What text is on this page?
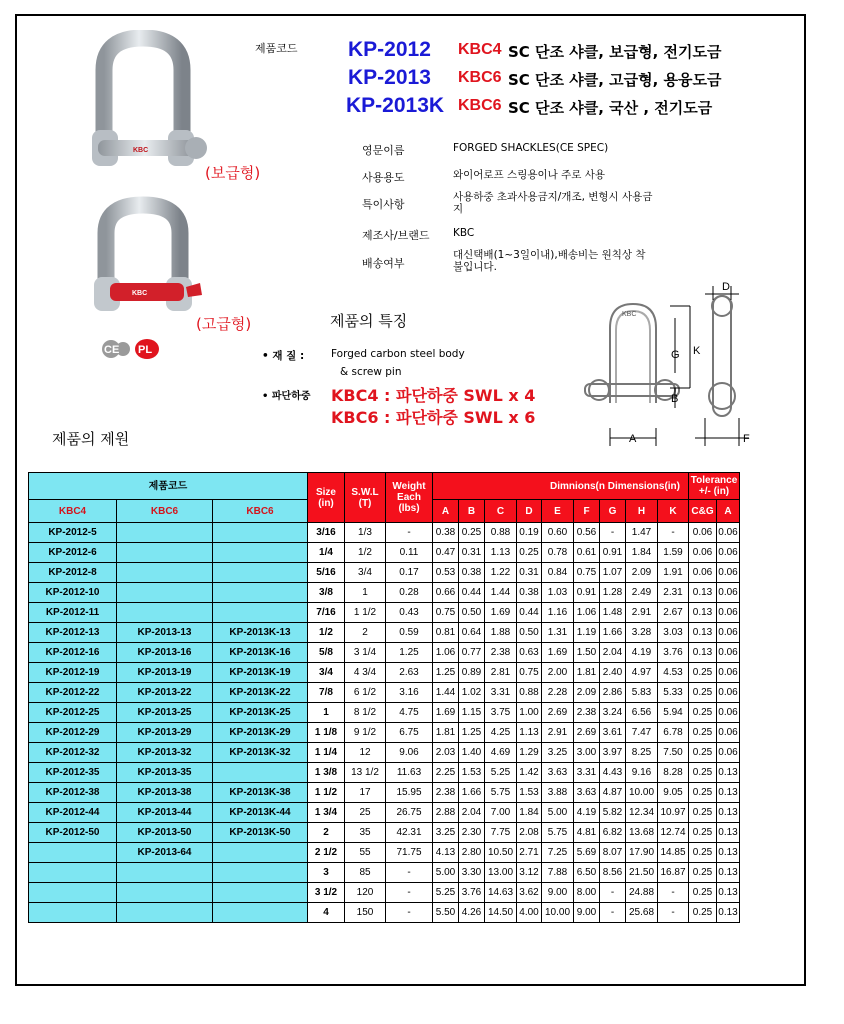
KBC
(보급형)
KBC
(고급형)
CE PL
제품코드 KP-2012 KBC4 SC 단조 샤클, 보급형, 전기도금
KP-2013 KBC6 SC 단조 샤클, 고급형, 용융도금
KP-2013K KBC6 SC 단조 샤클, 국산 , 전기도금
영문이름	FORGED SHACKLES(CE SPEC)
사용용도	와이어로프 스링용이나 주로 사용
특이사항
사용하중 초과사용금지/개조, 변형시 사용금지
제조사/브랜드 KBC
배송여부
대신택배(1~3일이내),배송비는 원칙상 착불입니다.
제품의 특징
• 재 질 :	Forged carbon steel body
& screw pin
• 파단하중 KBC4 : 파단하중 SWL x 4
KBC6 : 파단하중 SWL x 6
제품의 제원
KBC
D
G K
B
A	F
제품코드			Size (in)	S.W.L (T)	Weight Each (lbs)	Dimnions(n Dimensions(in)									Tolerance +/- (in)	
KBC4	KBC6	KBC6				A	B	C	D	E	F	G	H	K	C&G	A
KP-2012-5			3/16	1/3	-	0.38	0.25	0.88	0.19	0.60	0.56	-	1.47	-	0.06	0.06
KP-2012-6			1/4	1/2	0.11	0.47	0.31	1.13	0.25	0.78	0.61	0.91	1.84	1.59	0.06	0.06
KP-2012-8			5/16	3/4	0.17	0.53	0.38	1.22	0.31	0.84	0.75	1.07	2.09	1.91	0.06	0.06
KP-2012-10			3/8	1	0.28	0.66	0.44	1.44	0.38	1.03	0.91	1.28	2.49	2.31	0.13	0.06
KP-2012-11			7/16	1 1/2	0.43	0.75	0.50	1.69	0.44	1.16	1.06	1.48	2.91	2.67	0.13	0.06
KP-2012-13	KP-2013-13	KP-2013K-13	1/2	2	0.59	0.81	0.64	1.88	0.50	1.31	1.19	1.66	3.28	3.03	0.13	0.06
KP-2012-16	KP-2013-16	KP-2013K-16	5/8	3 1/4	1.25	1.06	0.77	2.38	0.63	1.69	1.50	2.04	4.19	3.76	0.13	0.06
KP-2012-19	KP-2013-19	KP-2013K-19	3/4	4 3/4	2.63	1.25	0.89	2.81	0.75	2.00	1.81	2.40	4.97	4.53	0.25	0.06
KP-2012-22	KP-2013-22	KP-2013K-22	7/8	6 1/2	3.16	1.44	1.02	3.31	0.88	2.28	2.09	2.86	5.83	5.33	0.25	0.06
KP-2012-25	KP-2013-25	KP-2013K-25	1	8 1/2	4.75	1.69	1.15	3.75	1.00	2.69	2.38	3.24	6.56	5.94	0.25	0.06
KP-2012-29	KP-2013-29	KP-2013K-29	1 1/8	9 1/2	6.75	1.81	1.25	4.25	1.13	2.91	2.69	3.61	7.47	6.78	0.25	0.06
KP-2012-32	KP-2013-32	KP-2013K-32	1 1/4	12	9.06	2.03	1.40	4.69	1.29	3.25	3.00	3.97	8.25	7.50	0.25	0.06
KP-2012-35	KP-2013-35		1 3/8	13 1/2	11.63	2.25	1.53	5.25	1.42	3.63	3.31	4.43	9.16	8.28	0.25	0.13
KP-2012-38	KP-2013-38	KP-2013K-38	1 1/2	17	15.95	2.38	1.66	5.75	1.53	3.88	3.63	4.87	10.00	9.05	0.25	0.13
KP-2012-44	KP-2013-44	KP-2013K-44	1 3/4	25	26.75	2.88	2.04	7.00	1.84	5.00	4.19	5.82	12.34	10.97	0.25	0.13
KP-2012-50	KP-2013-50	KP-2013K-50	2	35	42.31	3.25	2.30	7.75	2.08	5.75	4.81	6.82	13.68	12.74	0.25	0.13
	KP-2013-64		2 1/2	55	71.75	4.13	2.80	10.50	2.71	7.25	5.69	8.07	17.90	14.85	0.25	0.13
			3	85	-	5.00	3.30	13.00	3.12	7.88	6.50	8.56	21.50	16.87	0.25	0.13
			3 1/2	120	-	5.25	3.76	14.63	3.62	9.00	8.00	-	24.88	-	0.25	0.13
			4	150	-	5.50	4.26	14.50	4.00	10.00	9.00	-	25.68	-	0.25	0.13
